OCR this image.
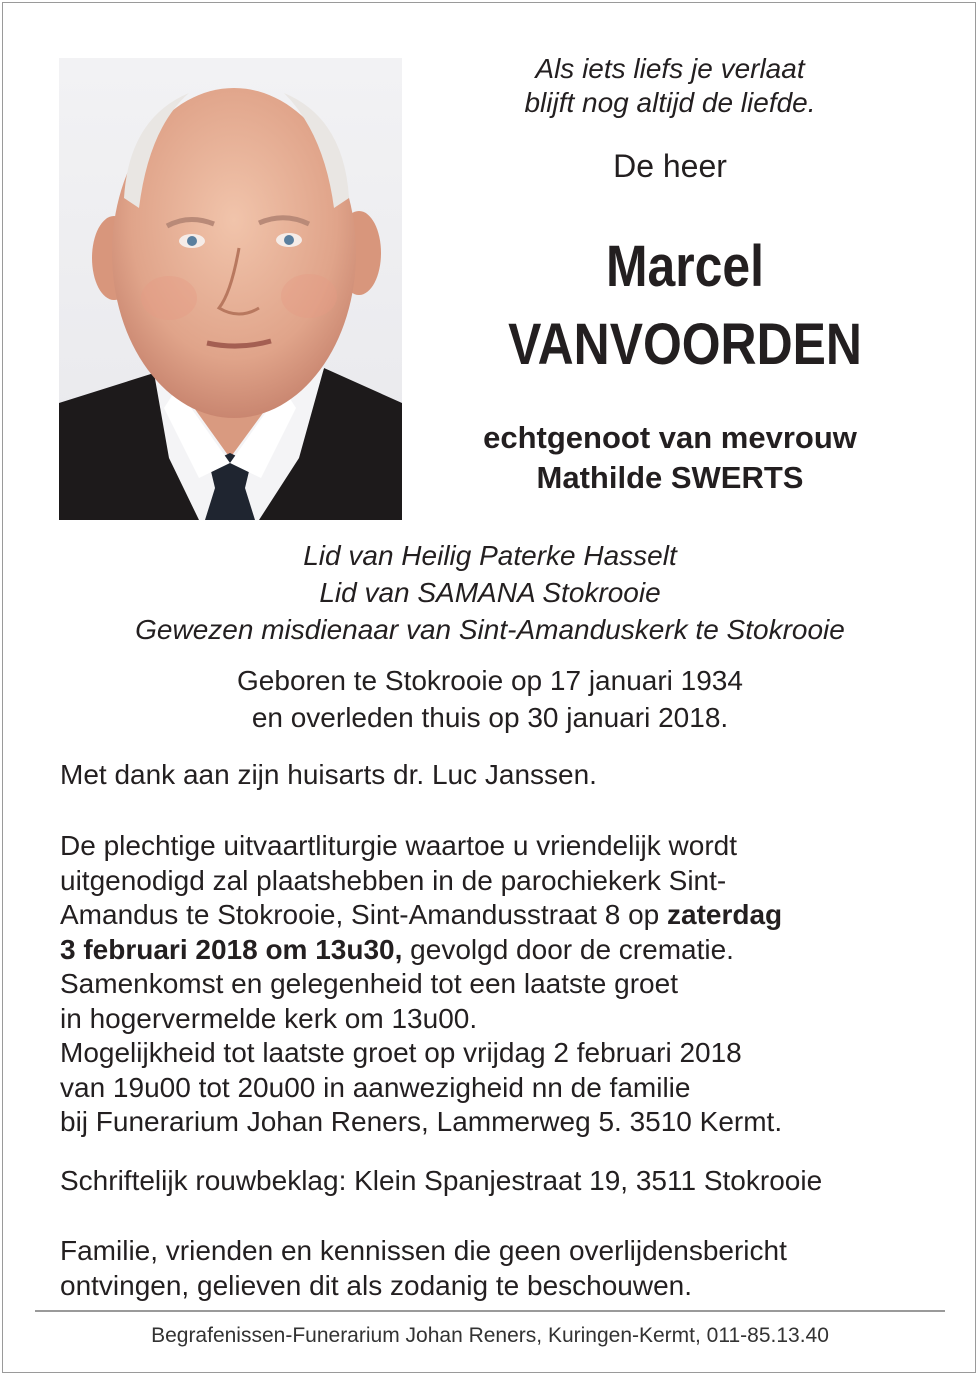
Als iets liefs je verlaat
blijft nog altijd de liefde.
De heer
Marcel
VANVOORDEN
echtgenoot van mevrouw
Mathilde SWERTS
Lid van Heilig Paterke Hasselt
Lid van SAMANA Stokrooie
Gewezen misdienaar van Sint-Amanduskerk te Stokrooie
Geboren te Stokrooie op 17 januari 1934
en overleden thuis op 30 januari 2018.
Met dank aan zijn huisarts dr. Luc Janssen.
De plechtige uitvaartliturgie waartoe u vriendelijk wordt
uitgenodigd zal plaatshebben in de parochiekerk Sint-
Amandus te Stokrooie, Sint-Amandusstraat 8 op zaterdag
3 februari 2018 om 13u30, gevolgd door de crematie.
Samenkomst en gelegenheid tot een laatste groet
in hogervermelde kerk om 13u00.
Mogelijkheid tot laatste groet op vrijdag 2 februari 2018
van 19u00 tot 20u00 in aanwezigheid nn de familie
bij Funerarium Johan Reners, Lammerweg 5. 3510 Kermt.
Schriftelijk rouwbeklag: Klein Spanjestraat 19, 3511 Stokrooie
Familie, vrienden en kennissen die geen overlijdensbericht
ontvingen, gelieven dit als zodanig te beschouwen.
Begrafenissen-Funerarium Johan Reners, Kuringen-Kermt, 011-85.13.40
